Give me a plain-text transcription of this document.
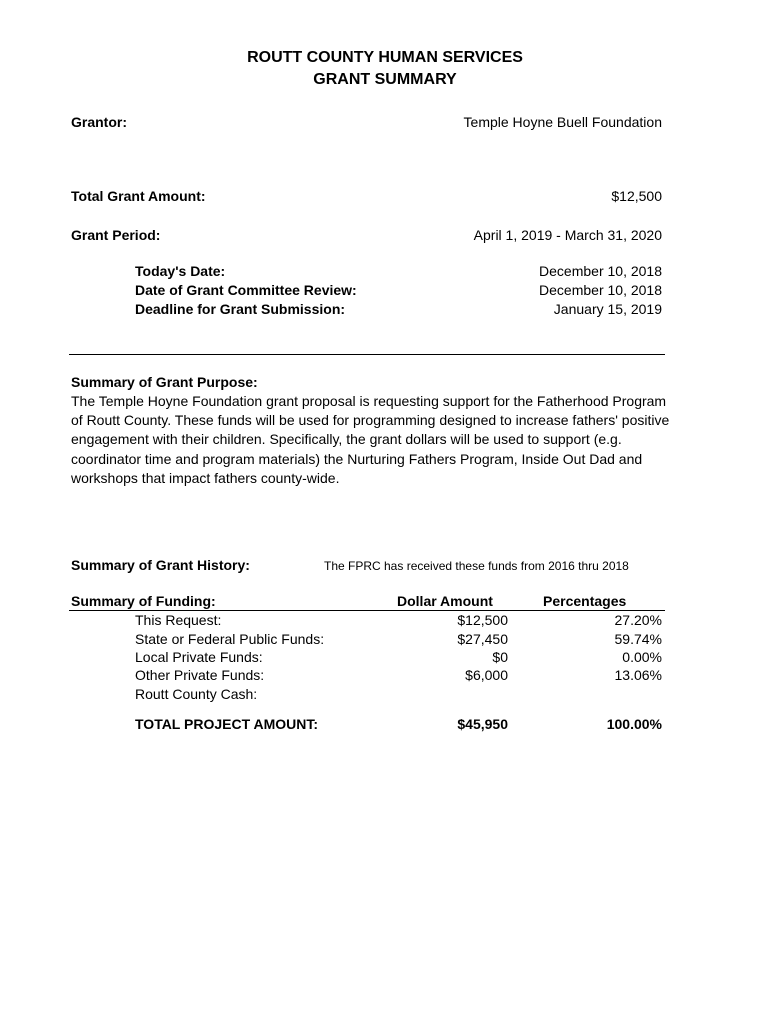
ROUTT COUNTY HUMAN SERVICES
GRANT SUMMARY
Grantor:	Temple Hoyne Buell Foundation
Total Grant Amount:	$12,500
Grant Period:	April 1, 2019 - March 31, 2020
Today's Date:	December 10, 2018
Date of Grant Committee Review:	December 10, 2018
Deadline for Grant Submission:	January 15, 2019
Summary of Grant Purpose:
The Temple Hoyne Foundation grant proposal is requesting support for the Fatherhood Program of Routt County. These funds will be used for programming designed to increase fathers' positive engagement with their children. Specifically, the grant dollars will be used to support (e.g. coordinator time and program materials) the Nurturing Fathers Program, Inside Out Dad and workshops that impact fathers county-wide.
Summary of Grant History:	The FPRC has received these funds from 2016 thru 2018
Summary of Funding:	Dollar Amount	Percentages
This Request:	$12,500	27.20%
State or Federal Public Funds:	$27,450	59.74%
Local Private Funds:	$0	0.00%
Other Private Funds:	$6,000	13.06%
Routt County Cash:
TOTAL PROJECT AMOUNT:	$45,950	100.00%
